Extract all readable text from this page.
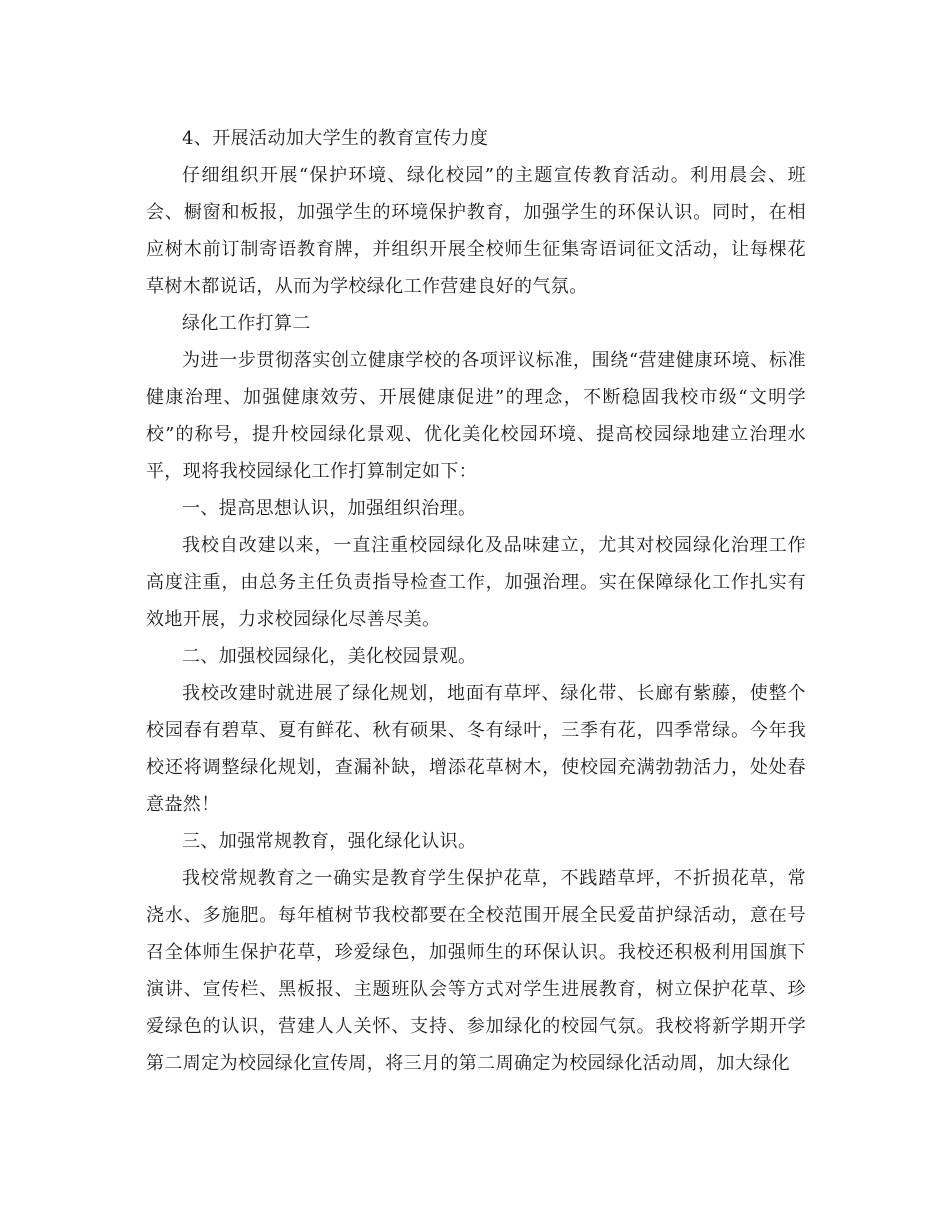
4、开展活动加大学生的教育宣传力度

仔细组织开展“保护环境、绿化校园”的主题宣传教育活动。利用晨会、班会、橱窗和板报，加强学生的环境保护教育，加强学生的环保认识。同时，在相应树木前订制寄语教育牌，并组织开展全校师生征集寄语词征文活动，让每棵花草树木都说话，从而为学校绿化工作营建良好的气氛。

绿化工作打算二

为进一步贯彻落实创立健康学校的各项评议标准，围绕“营建健康环境、标准健康治理、加强健康效劳、开展健康促进”的理念，不断稳固我校市级“文明学校”的称号，提升校园绿化景观、优化美化校园环境、提高校园绿地建立治理水平，现将我校园绿化工作打算制定如下：

一、提高思想认识，加强组织治理。

我校自改建以来，一直注重校园绿化及品味建立，尤其对校园绿化治理工作高度注重，由总务主任负责指导检查工作，加强治理。实在保障绿化工作扎实有效地开展，力求校园绿化尽善尽美。

二、加强校园绿化，美化校园景观。

我校改建时就进展了绿化规划，地面有草坪、绿化带、长廊有紫藤，使整个校园春有碧草、夏有鲜花、秋有硕果、冬有绿叶，三季有花，四季常绿。今年我校还将调整绿化规划，查漏补缺，增添花草树木，使校园充满勃勃活力，处处春意盎然！

三、加强常规教育，强化绿化认识。

我校常规教育之一确实是教育学生保护花草，不践踏草坪，不折损花草，常浇水、多施肥。每年植树节我校都要在全校范围开展全民爱苗护绿活动，意在号召全体师生保护花草，珍爱绿色，加强师生的环保认识。我校还积极利用国旗下演讲、宣传栏、黑板报、主题班队会等方式对学生进展教育，树立保护花草、珍爱绿色的认识，营建人人关怀、支持、参加绿化的校园气氛。我校将新学期开学第二周定为校园绿化宣传周，将三月的第二周确定为校园绿化活动周，加大绿化
